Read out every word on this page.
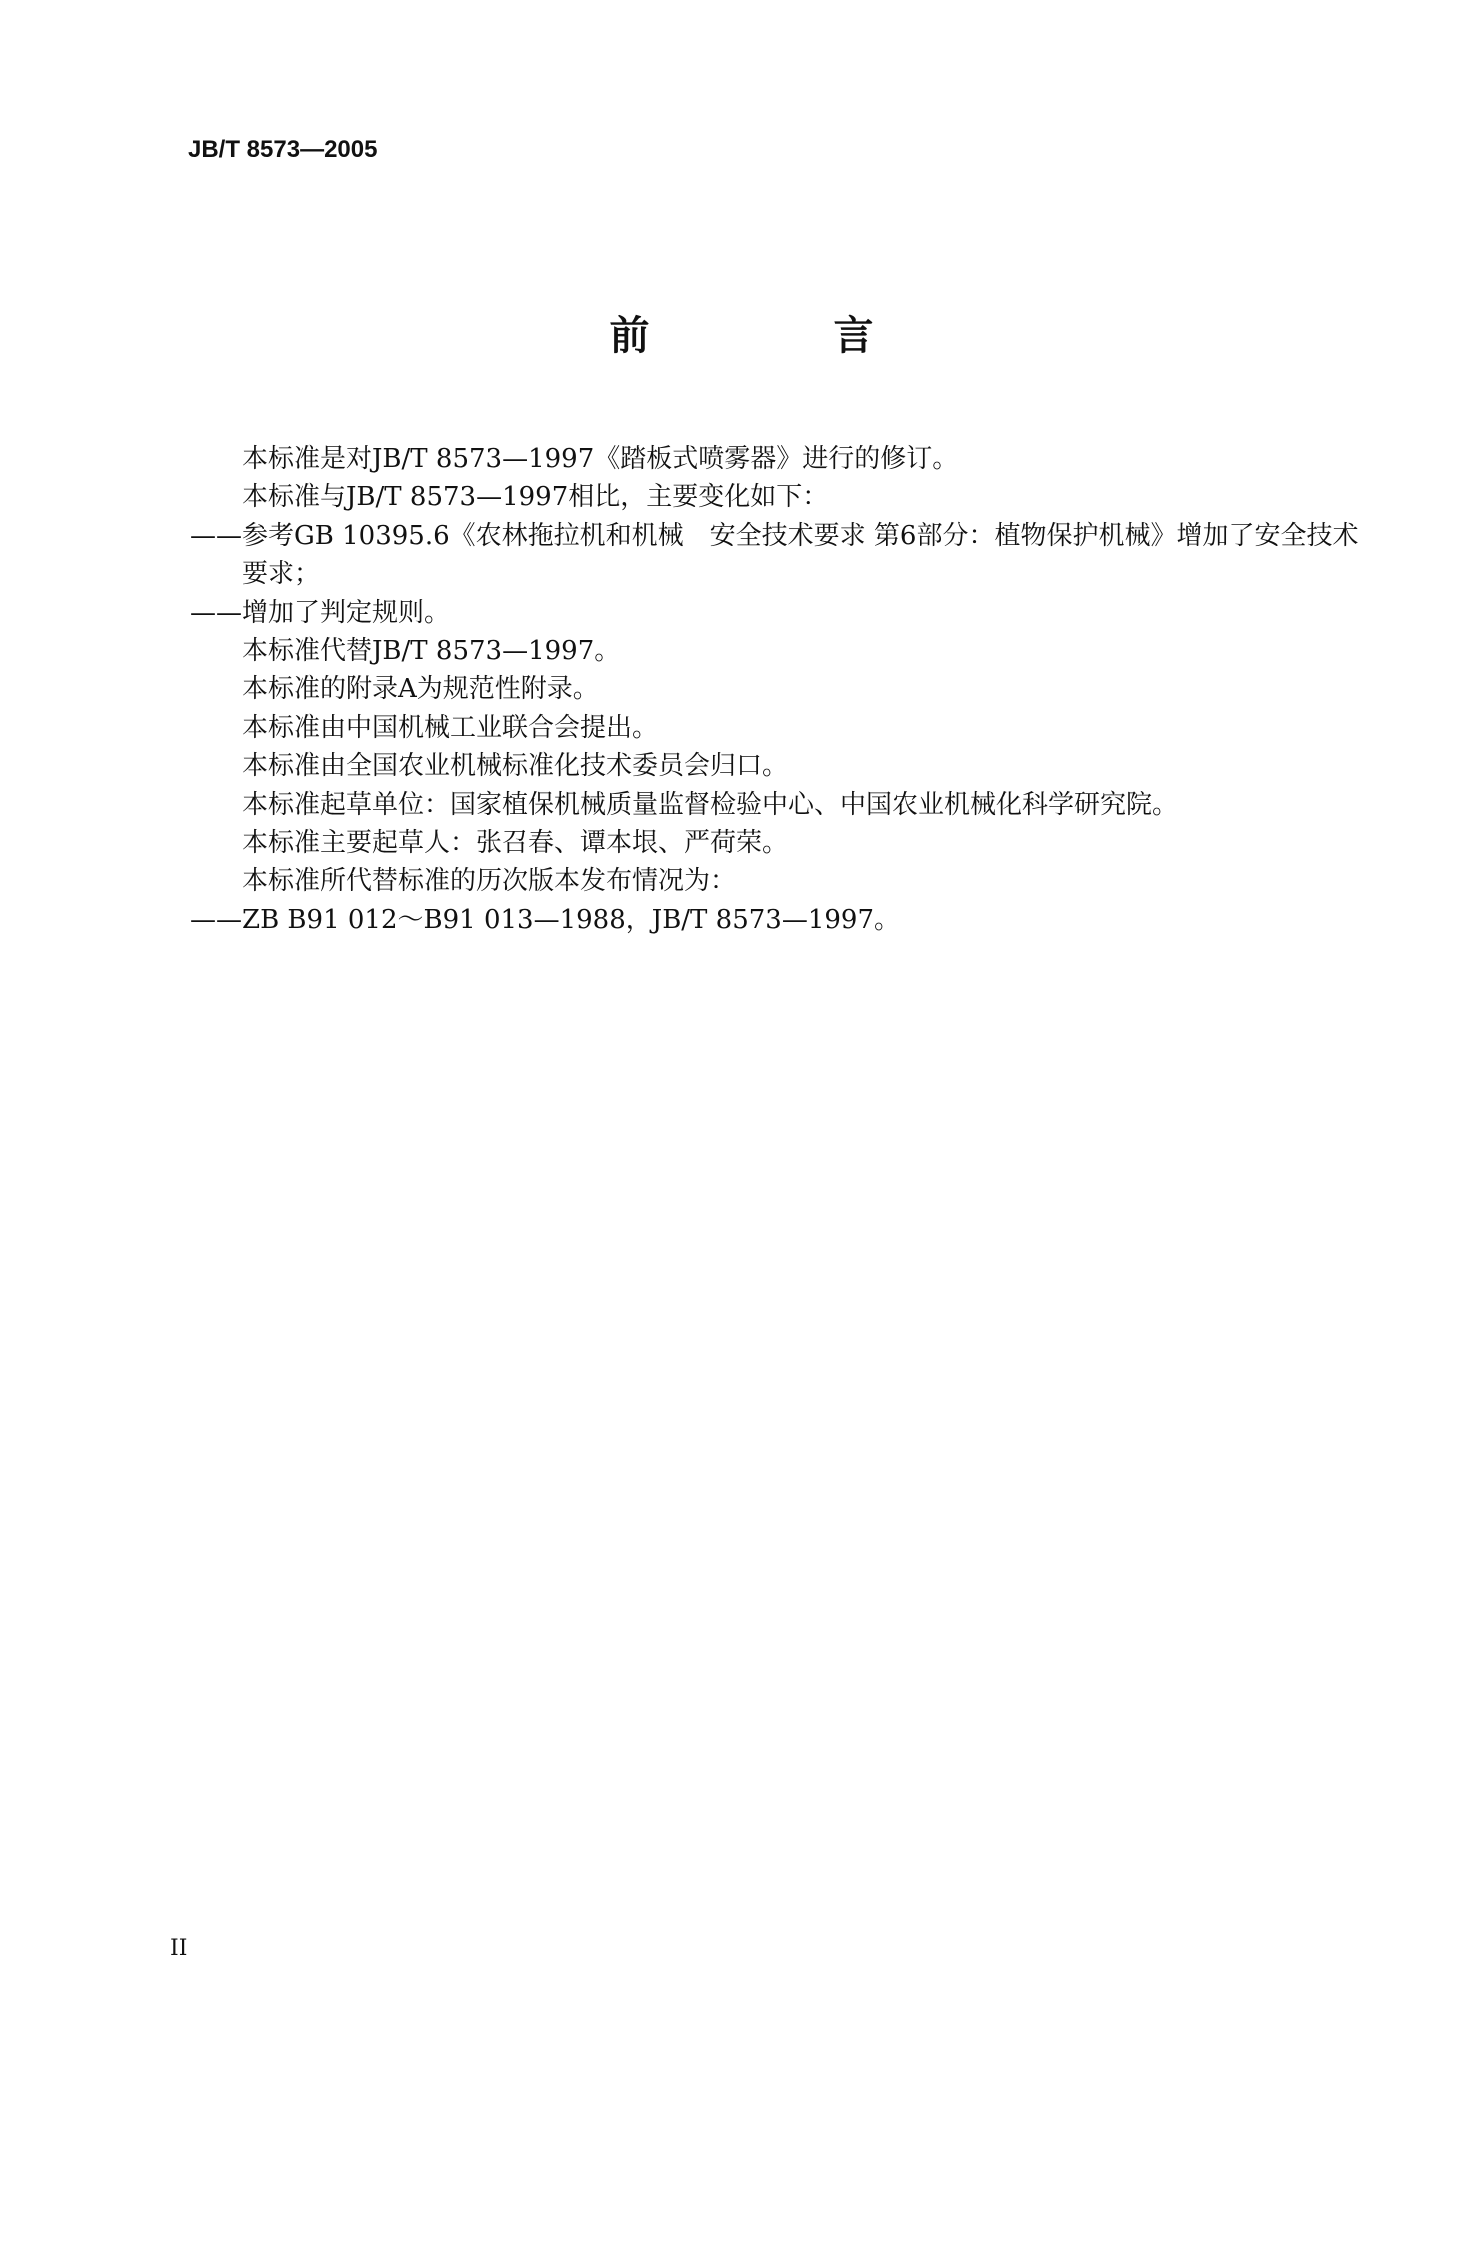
JB/T 8573—2005
前　言

本标准是对JB/T 8573—1997《踏板式喷雾器》进行的修订。

本标准与JB/T 8573—1997相比，主要变化如下：

——参考GB 10395.6《农林拖拉机和机械　安全技术要求 第6部分：植物保护机械》增加了安全技术要求；

——增加了判定规则。

本标准代替JB/T 8573—1997。

本标准的附录A为规范性附录。

本标准由中国机械工业联合会提出。

本标准由全国农业机械标准化技术委员会归口。

本标准起草单位：国家植保机械质量监督检验中心、中国农业机械化科学研究院。

本标准主要起草人：张召春、谭本垠、严荷荣。

本标准所代替标准的历次版本发布情况为：

——ZB B91 012～B91 013—1988，JB/T 8573—1997。

II
